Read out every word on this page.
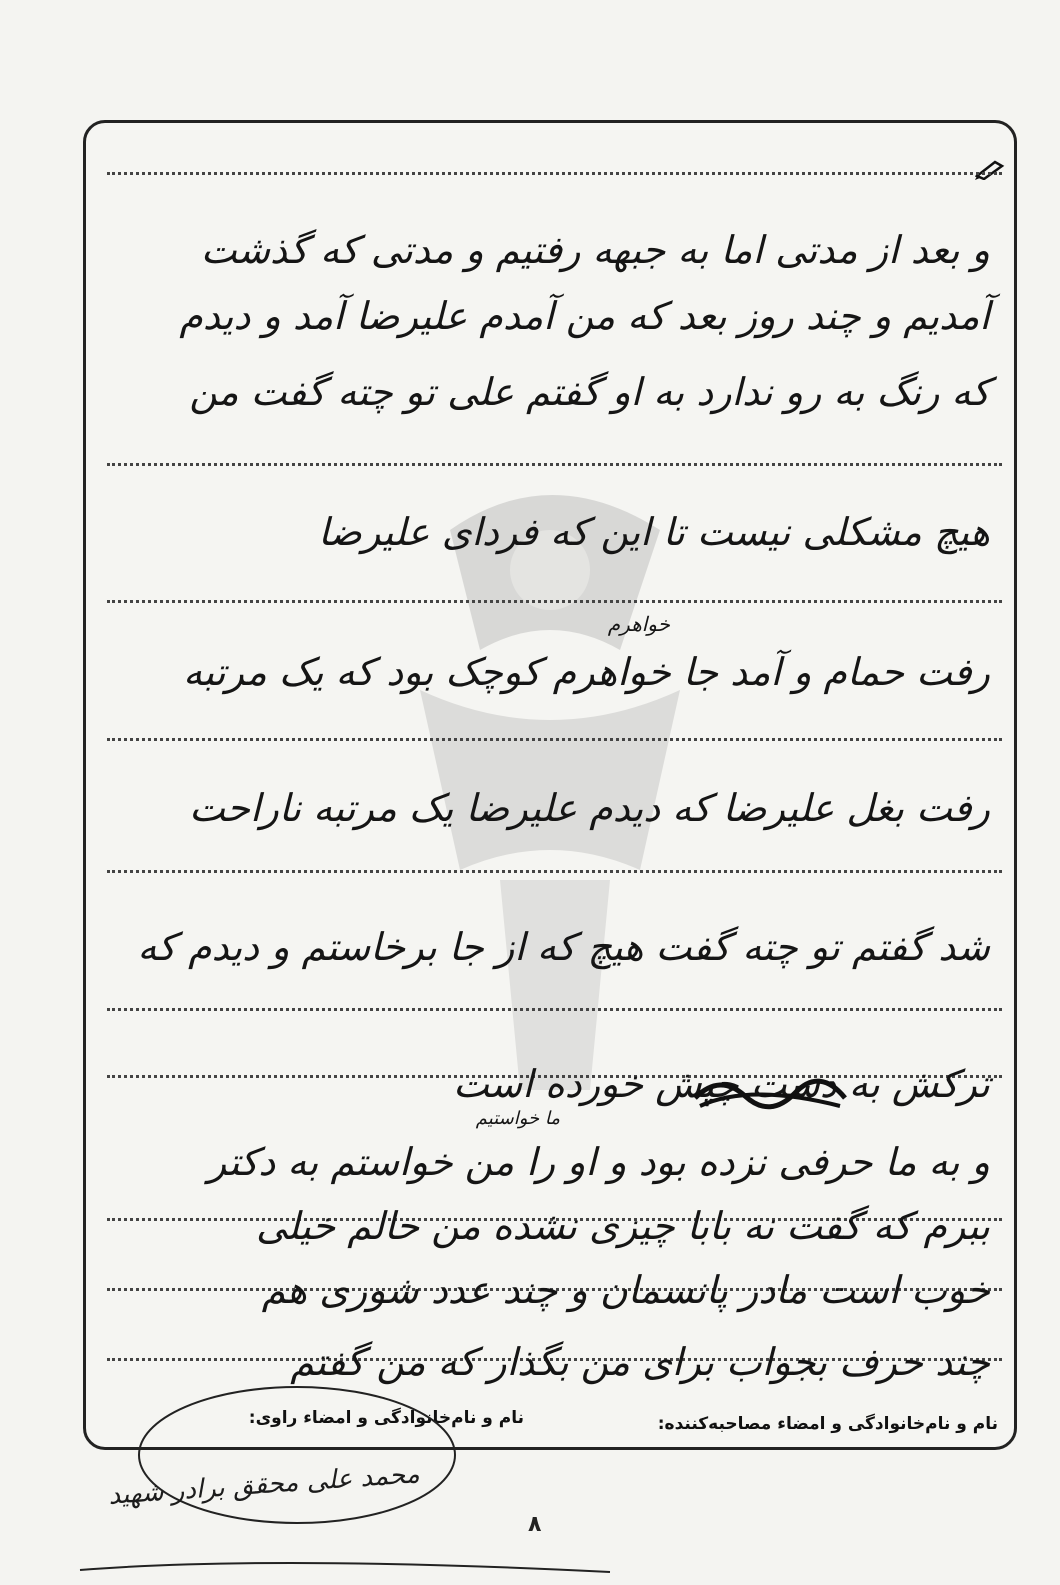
و بعد از مدتی اما به جبهه رفتیم و مدتی که گذشت
آمدیم و چند روز بعد که من آمدم علیرضا آمد و دیدم
که رنگ به رو ندارد به او گفتم علی تو چته گفت من
هیچ مشکلی نیست تا این که فردای علیرضا
خواهرم
رفت حمام و آمد جا خواهرم کوچک بود که یک مرتبه
رفت بغل علیرضا که دیدم علیرضا یک مرتبه ناراحت
شد گفتم تو چته گفت هیچ که از جا برخاستم و دیدم که
ترکش به دست چپش خورده است
ما خواستیم
و به ما حرفی نزده بود و او را من خواستم به دکتر
ببرم که گفت نه بابا چیزی نشده من حالم خیلی
خوب است مادر پانسمان و چند عدد شوری هم
چند حرف بجواب برای من بگذار که من گفتم
نام و نام‌خانوادگی و امضاء مصاحبه‌کننده:
نام و نام‌خانوادگی و امضاء راوی:
محمد علی محقق برادر شهید
۸
